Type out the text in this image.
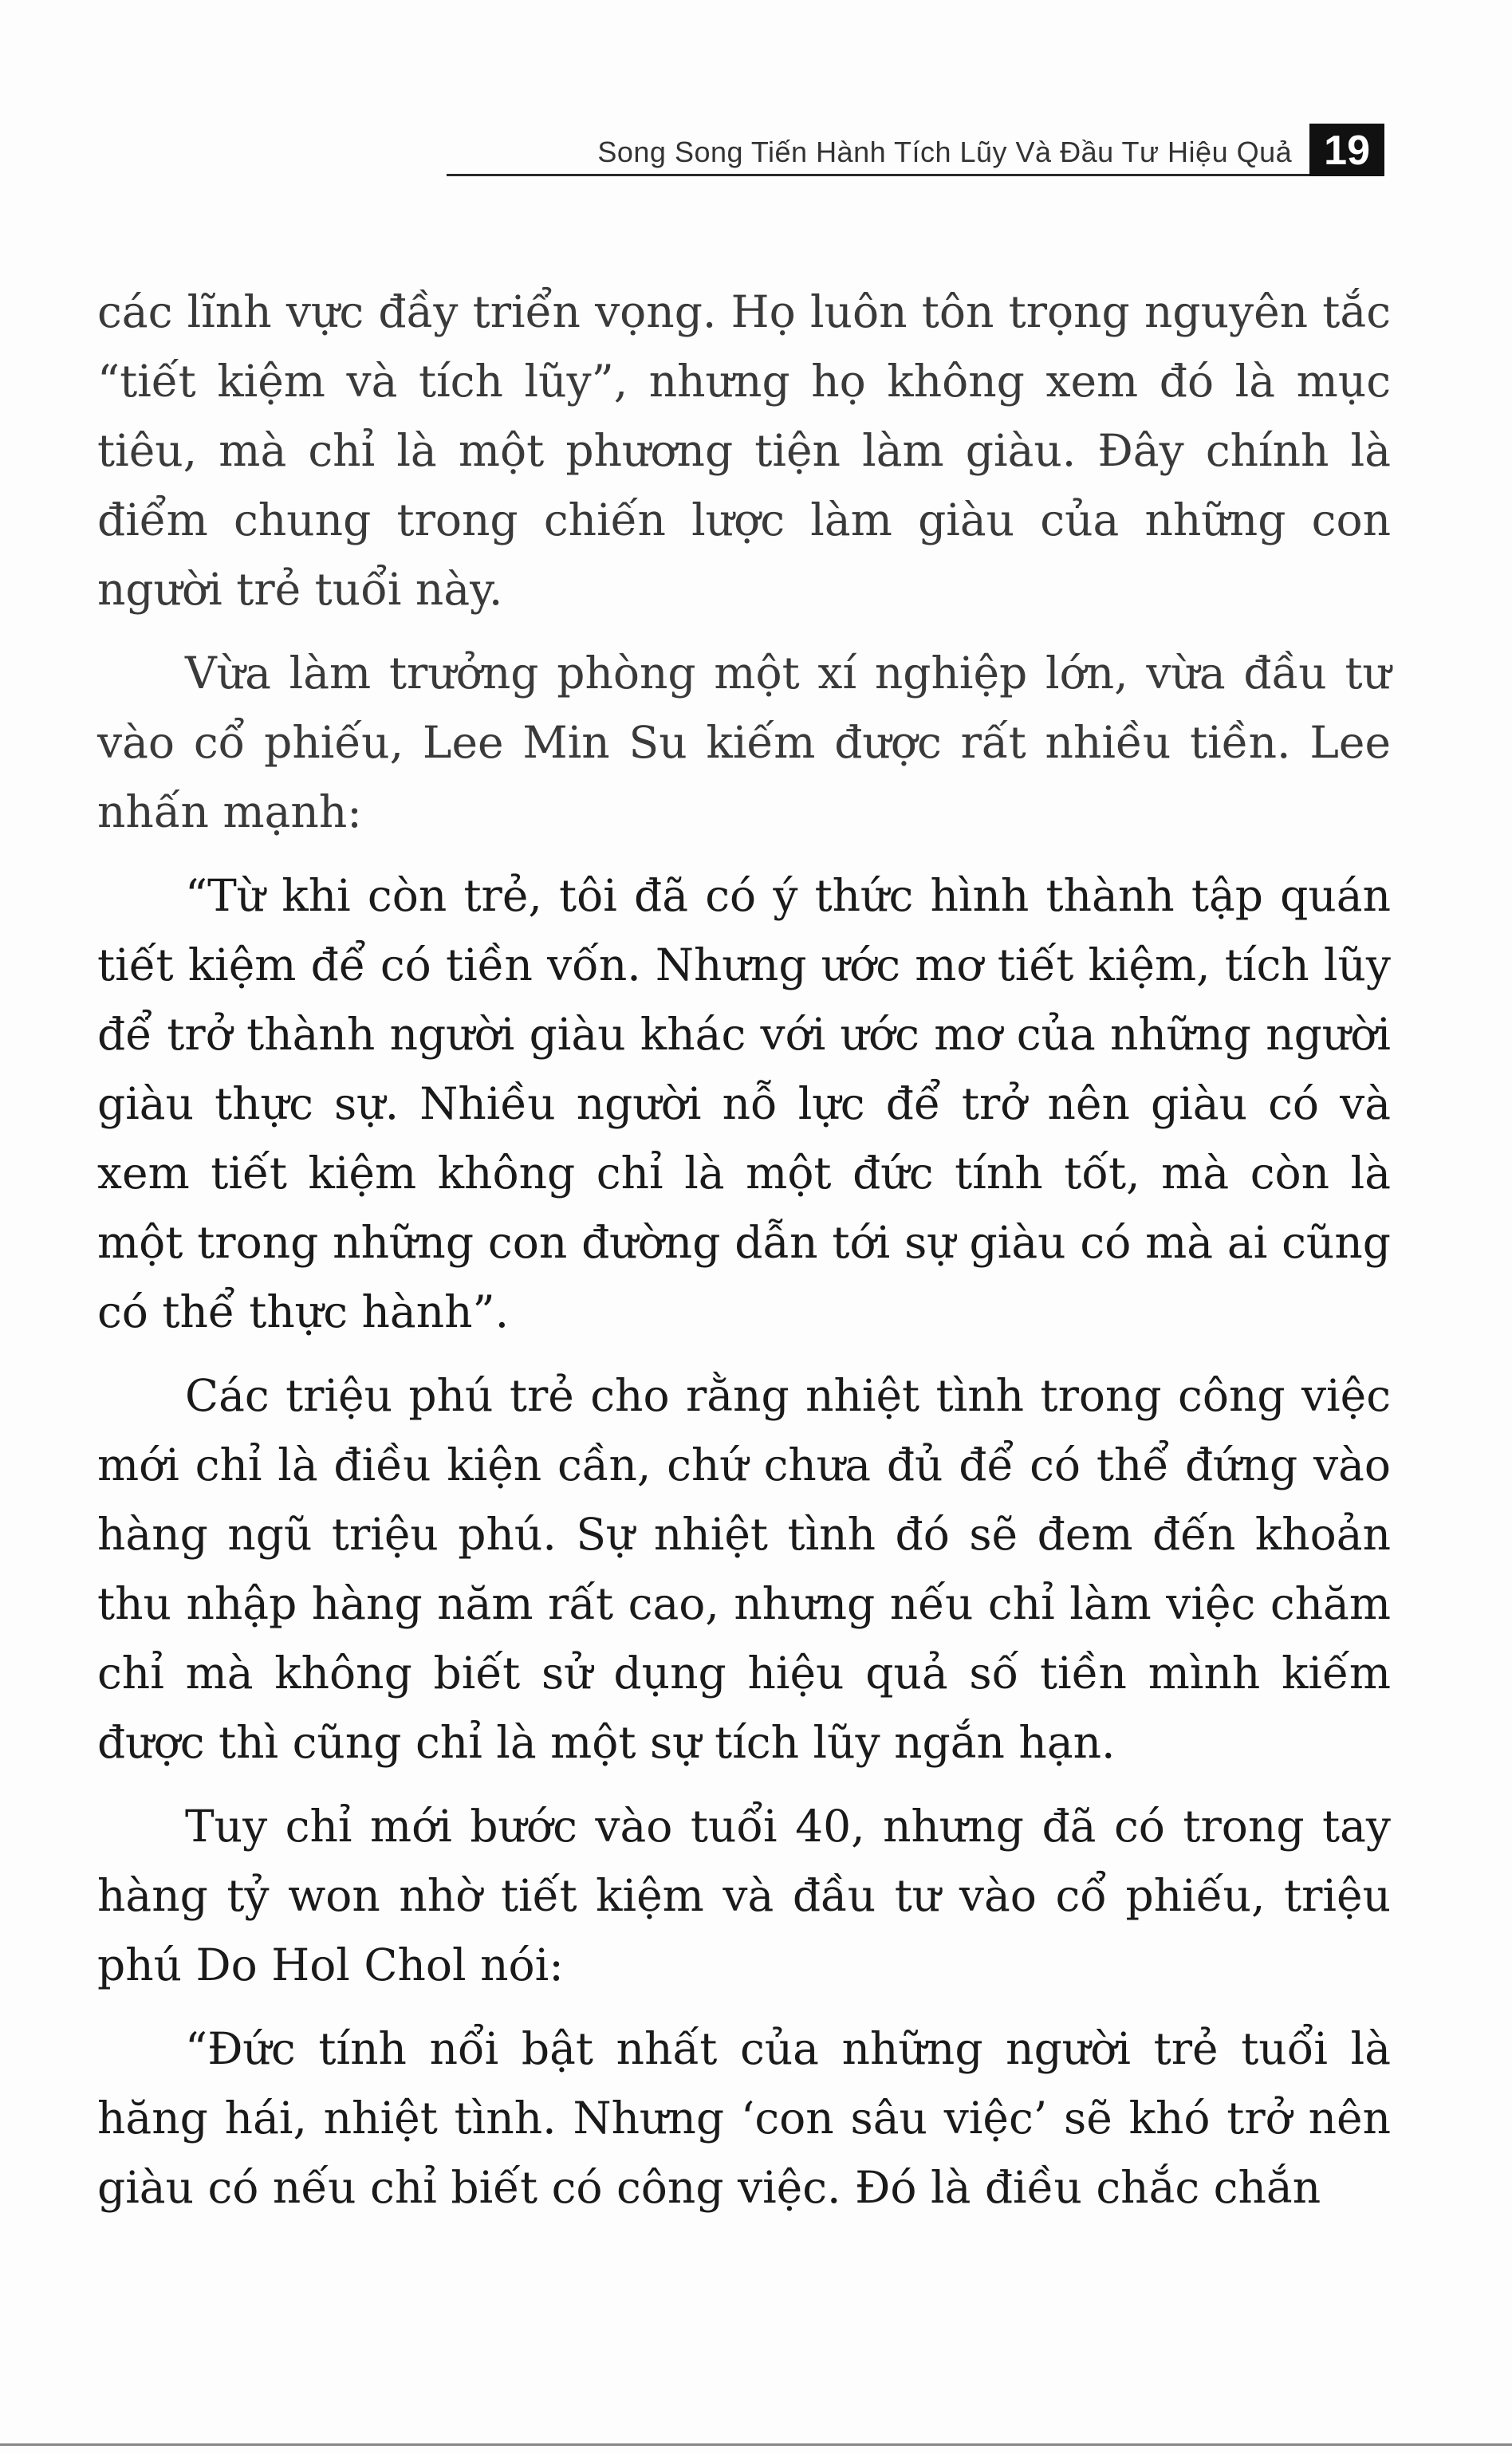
Song Song Tiến Hành Tích Lũy Và Đầu Tư Hiệu Quả 19

các lĩnh vực đầy triển vọng. Họ luôn tôn trọng nguyên tắc “tiết kiệm và tích lũy”, nhưng họ không xem đó là mục tiêu, mà chỉ là một phương tiện làm giàu. Đây chính là điểm chung trong chiến lược làm giàu của những con người trẻ tuổi này.

Vừa làm trưởng phòng một xí nghiệp lớn, vừa đầu tư vào cổ phiếu, Lee Min Su kiếm được rất nhiều tiền. Lee nhấn mạnh:

“Từ khi còn trẻ, tôi đã có ý thức hình thành tập quán tiết kiệm để có tiền vốn. Nhưng ước mơ tiết kiệm, tích lũy để trở thành người giàu khác với ước mơ của những người giàu thực sự. Nhiều người nỗ lực để trở nên giàu có và xem tiết kiệm không chỉ là một đức tính tốt, mà còn là một trong những con đường dẫn tới sự giàu có mà ai cũng có thể thực hành”.

Các triệu phú trẻ cho rằng nhiệt tình trong công việc mới chỉ là điều kiện cần, chứ chưa đủ để có thể đứng vào hàng ngũ triệu phú. Sự nhiệt tình đó sẽ đem đến khoản thu nhập hàng năm rất cao, nhưng nếu chỉ làm việc chăm chỉ mà không biết sử dụng hiệu quả số tiền mình kiếm được thì cũng chỉ là một sự tích lũy ngắn hạn.

Tuy chỉ mới bước vào tuổi 40, nhưng đã có trong tay hàng tỷ won nhờ tiết kiệm và đầu tư vào cổ phiếu, triệu phú Do Hol Chol nói:

“Đức tính nổi bật nhất của những người trẻ tuổi là hăng hái, nhiệt tình. Nhưng ‘con sâu việc’ sẽ khó trở nên giàu có nếu chỉ biết có công việc. Đó là điều chắc chắn
